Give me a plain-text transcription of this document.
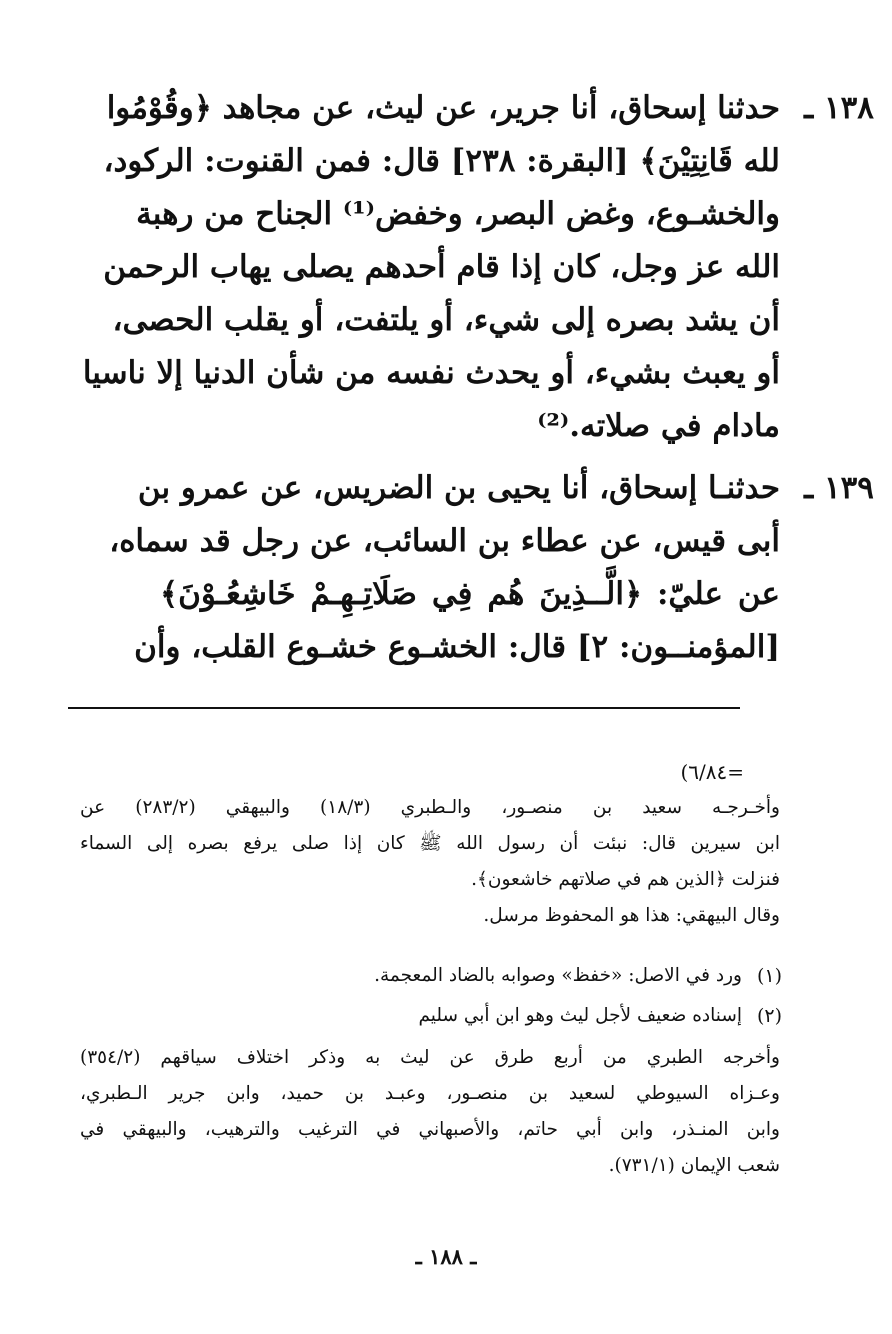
١٣٨ ـ
حدثنا إسحاق، أنا جرير، عن ليث، عن مجاهد ﴿وقُوْمُوا
لله قَانِتِيْنَ﴾ [البقرة: ٢٣٨] قال: فمن القنوت: الركود،
والخشـوع، وغض البصر، وخفض⁽¹⁾ الجناح من رهبة
الله عز وجل، كان إذا قام أحدهم يصلى يهاب الرحمن
أن يشد بصره إلى شيء، أو يلتفت، أو يقلب الحصى،
أو يعبث بشيء، أو يحدث نفسه من شأن الدنيا إلا ناسيا
مادام في صلاته.⁽²⁾
١٣٩ ـ
حدثنـا إسحاق، أنا يحيى بن الضريس، عن عمرو بن
أبى قيس، عن عطاء بن السائب، عن رجل قد سماه،
عن عليّ: ﴿الَّــذِينَ هُم فِي صَلَاتِـهِـمْ خَاشِعُـوْنَ﴾
[المؤمنــون: ٢] قال: الخشـوع خشـوع القلب، وأن
=٦/٨٤)
وأخـرجـه سعيد بن منصـور، والـطبري (١٨/٣) والبيهقي (٢٨٣/٢) عن
ابن سيرين قال: نبئت أن رسول الله ﷺ كان إذا صلى يرفع بصره إلى السماء
فنزلت ﴿الذين هم في صلاتهم خاشعون﴾.
وقال البيهقي: هذا هو المحفوظ مرسل.
(١)
ورد في الاصل: «خفظ» وصوابه بالضاد المعجمة.
(٢)
إسناده ضعيف لأجل ليث وهو ابن أبي سليم
وأخرجه الطبري من أربع طرق عن ليث به وذكر اختلاف سياقهم (٣٥٤/٢)
وعـزاه السيوطي لسعيد بن منصـور، وعبـد بن حميد، وابن جرير الـطبري،
وابن المنـذر، وابن أبي حاتم، والأصبهاني في الترغيب والترهيب، والبيهقي في
شعب الإيمان (٧٣١/١).
ـ ١٨٨ ـ
